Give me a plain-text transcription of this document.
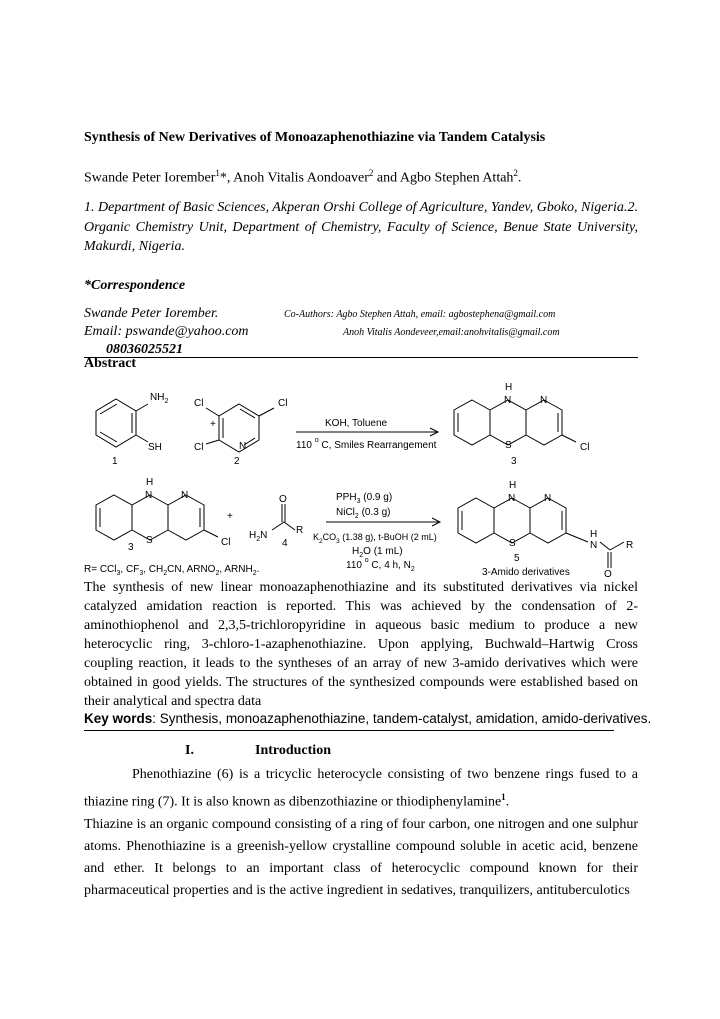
Synthesis of New Derivatives of Monoazaphenothiazine via Tandem Catalysis
Swande Peter Iorember$^1$*, Anoh Vitalis Aondoaver$^2$ and Agbo Stephen Attah$^2$.
1. Department of Basic Sciences, Akperan Orshi College of Agriculture, Yandev, Gboko, Nigeria. 2.
Organic Chemistry Unit, Department of Chemistry, Faculty of Science, Benue State University, Makurdi, Nigeria.
*Correspondence
Swande Peter Iorember.	Co-Authors: Agbo Stephen Attah, email: agbostephena@gmail.com
Email: pswande@yahoo.com	Anoh Vitalis Aondeveer,email:anohvitalis@gmail.com
08036025521
Abstract
$NH_2$
SH
1
+
Cl	Cl
Cl	N
2
KOH, Toluene
110 $^o$ C, Smiles Rearrangement
H
N	N
S	Cl
3
H
N	N
S	Cl
3
+
O
$H_2N$	R
4
$PPH_3$ (0.9 g)
NiCl$_2$ (0.3 g)
$K_2CO_3$ (1.38 g), t-BuOH (2 mL)
$H_2O$ (1 mL)
110 $^o$ C, 4 h, $N_2$
H
N	N
S
H
N	R
5
3-Amido derivatives	O
R= CCl$_3$, $CF_3$, $CH_2CN$, $ARNO_2$, $ARNH_2$.
The synthesis of new linear monoazaphenothiazine and its substituted derivatives via nickel catalyzed amidation reaction is reported. This was achieved by the condensation of 2-aminothiophenol and 2,3,5-trichloropyridine in aqueous basic medium to produce a new heterocyclic ring, 3-chloro-1-azaphenothiazine. Upon applying, Buchwald–Hartwig Cross coupling reaction, it leads to the syntheses of an array of new 3-amido derivatives which were obtained in good yields. The structures of the synthesized compounds were established based on their analytical and spectra data
Key words: Synthesis, monoazaphenothiazine, tandem-catalyst, amidation, amido-derivatives.
I.	Introduction

Phenothiazine (6) is a tricyclic heterocycle consisting of two benzene rings fused to a thiazine ring (7). It is also known as dibenzothiazine or thiodiphenylamine$^1$.

Thiazine is an organic compound consisting of a ring of four carbon, one nitrogen and one sulphur atoms. Phenothiazine is a greenish-yellow crystalline compound soluble in acetic acid, benzene and ether. It belongs to an important class of heterocyclic compound known for their pharmaceutical properties and is the active ingredient in sedatives, tranquilizers, antituberculotics
